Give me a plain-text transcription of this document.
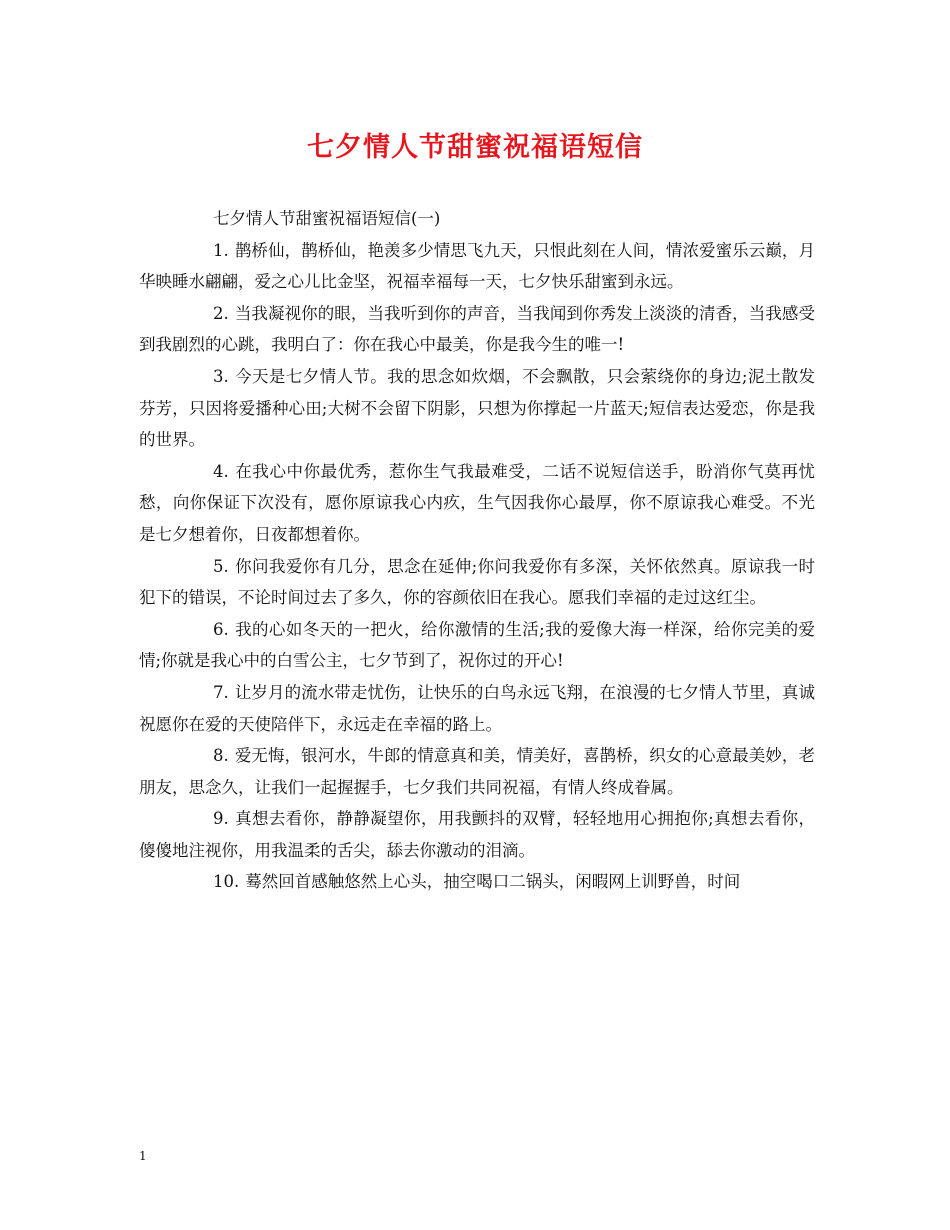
七夕情人节甜蜜祝福语短信

七夕情人节甜蜜祝福语短信(一)

1. 鹊桥仙，鹊桥仙，艳羡多少情思飞九天，只恨此刻在人间，情浓爱蜜乐云巅，月华映睡水翩翩，爱之心儿比金坚，祝福幸福每一天，七夕快乐甜蜜到永远。
2. 当我凝视你的眼，当我听到你的声音，当我闻到你秀发上淡淡的清香，当我感受到我剧烈的心跳，我明白了：你在我心中最美，你是我今生的唯一!
3. 今天是七夕情人节。我的思念如炊烟，不会飘散，只会萦绕你的身边;泥土散发芬芳，只因将爱播种心田;大树不会留下阴影，只想为你撑起一片蓝天;短信表达爱恋，你是我的世界。
4. 在我心中你最优秀，惹你生气我最难受，二话不说短信送手，盼消你气莫再忧愁，向你保证下次没有，愿你原谅我心内疚，生气因我你心最厚，你不原谅我心难受。不光是七夕想着你，日夜都想着你。
5. 你问我爱你有几分，思念在延伸;你问我爱你有多深，关怀依然真。原谅我一时犯下的错误，不论时间过去了多久，你的容颜依旧在我心。愿我们幸福的走过这红尘。
6. 我的心如冬天的一把火，给你激情的生活;我的爱像大海一样深，给你完美的爱情;你就是我心中的白雪公主，七夕节到了，祝你过的开心!
7. 让岁月的流水带走忧伤，让快乐的白鸟永远飞翔，在浪漫的七夕情人节里，真诚祝愿你在爱的天使陪伴下，永远走在幸福的路上。
8. 爱无悔，银河水，牛郎的情意真和美，情美好，喜鹊桥，织女的心意最美妙，老朋友，思念久，让我们一起握握手，七夕我们共同祝福，有情人终成眷属。
9. 真想去看你，静静凝望你，用我颤抖的双臂，轻轻地用心拥抱你;真想去看你，傻傻地注视你，用我温柔的舌尖，舔去你激动的泪滴。
10. 蓦然回首感触悠然上心头，抽空喝口二锅头，闲暇网上训野兽，时间
1
